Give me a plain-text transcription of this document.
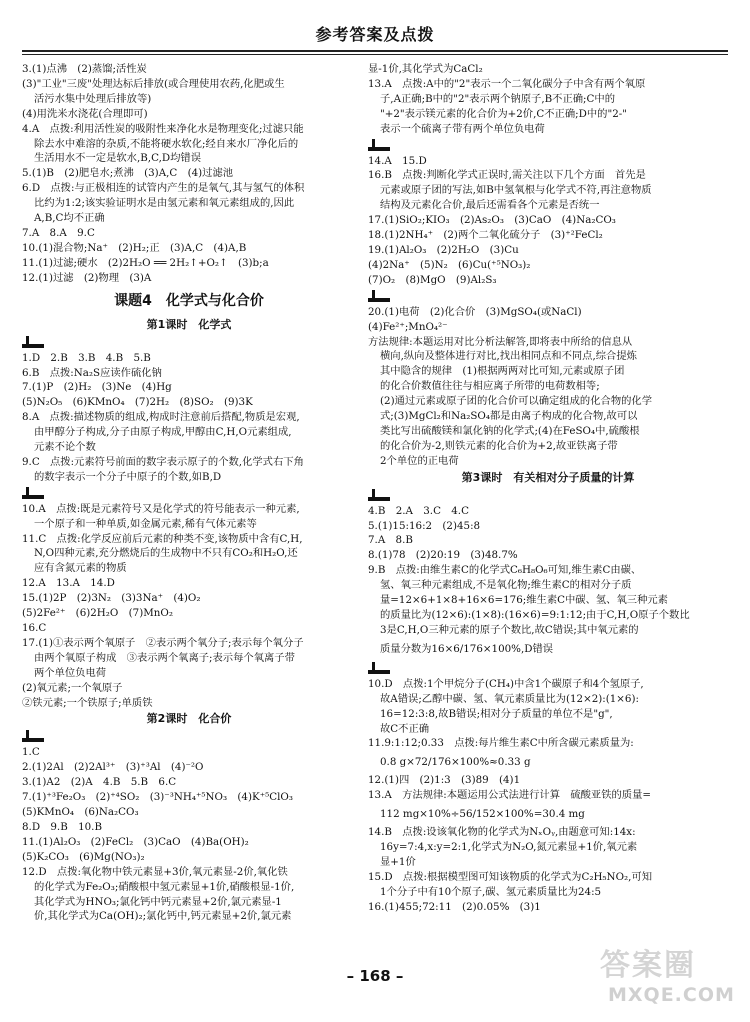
参考答案及点拨
3.(1)点沸　(2)蒸馏;活性炭
(3)"工业"三废"处理达标后排放(或合理使用农药,化肥或生
活污水集中处理后排放等)
(4)用洗米水浇花(合理即可)
4.A　点拨:利用活性炭的吸附性来净化水是物理变化;过滤只能
除去水中难溶的杂质,不能将硬水软化;经自来水厂净化后的
生活用水不一定是软水,B,C,D均错误
5.(1)B　(2)肥皂水;煮沸　(3)A,C　(4)过滤池
6.D　点拨:与正极相连的试管内产生的是氧气,其与氢气的体积
比约为1:2;该实验证明水是由氢元素和氧元素组成的,因此
A,B,C均不正确
7.A　8.A　9.C
10.(1)混合物;Na⁺　(2)H₂;正　(3)A,C　(4)A,B
11.(1)过滤;硬水　(2)2H₂O ══ 2H₂↑+O₂↑　(3)b;a
12.(1)过滤　(2)物理　(3)A
课题4　化学式与化合价
第1课时　化学式
1.D　2.B　3.B　4.B　5.B
6.B　点拨:Na₂S应读作硫化钠
7.(1)P　(2)H₂　(3)Ne　(4)Hg
(5)N₂O₅　(6)KMnO₄　(7)2H₂　(8)SO₂　(9)3K
8.A　点拨:描述物质的组成,构成时注意前后搭配,物质是宏观,
由甲醇分子构成,分子由原子构成,甲醇由C,H,O元素组成,
元素不论个数
9.C　点拨:元素符号前面的数字表示原子的个数,化学式右下角
的数字表示一个分子中原子的个数,如B,D
10.A　点拨:既是元素符号又是化学式的符号能表示一种元素,
一个原子和一种单质,如金属元素,稀有气体元素等
11.C　点拨:化学反应前后元素的种类不变,该物质中含有C,H,
N,O四种元素,充分燃烧后的生成物中不只有CO₂和H₂O,还
应有含氮元素的物质
12.A　13.A　14.D
15.(1)2P　(2)3N₂　(3)3Na⁺　(4)O₂
(5)2Fe²⁺　(6)2H₂O　(7)MnO₂
16.C
17.(1)①表示两个氧原子　②表示两个氧分子;表示每个氧分子
由两个氧原子构成　③表示两个氧离子;表示每个氧离子带
两个单位负电荷
(2)氧元素;一个氧原子
②铁元素;一个铁原子;单质铁
第2课时　化合价
1.C
2.(1)2Al　(2)2Al³⁺　(3)⁺³Al　(4)⁻²O
3.(1)A2　(2)A　4.B　5.B　6.C
7.(1)⁺³Fe₂O₃　(2)⁺⁴SO₂　(3)⁻³NH₄⁺⁵NO₃　(4)K⁺⁵ClO₃
(5)KMnO₄　(6)Na₂CO₃
8.D　9.B　10.B
11.(1)Al₂O₃　(2)FeCl₂　(3)CaO　(4)Ba(OH)₂
(5)K₂CO₃　(6)Mg(NO₃)₂
12.D　点拨:氧化物中铁元素显+3价,氧元素显-2价,氧化铁
的化学式为Fe₂O₃;硝酸根中氢元素显+1价,硝酸根显-1价,
其化学式为HNO₃;氯化钙中钙元素显+2价,氯元素显-1
价,其化学式为Ca(OH)₂;氯化钙中,钙元素显+2价,氯元素
显-1价,其化学式为CaCl₂
13.A　点拨:A中的"2"表示一个二氧化碳分子中含有两个氧原
子,A正确;B中的"2"表示两个钠原子,B不正确;C中的
"+2"表示镁元素的化合价为+2价,C不正确;D中的"2-"
表示一个硫离子带有两个单位负电荷
14.A　15.D
16.B　点拨:判断化学式正误时,需关注以下几个方面　首先是
元素或原子团的写法,如B中氢氧根与化学式不符,再注意物质
结构及元素化合价,最后还需看各个元素是否统一
17.(1)SiO₂;KIO₃　(2)As₂O₃　(3)CaO　(4)Na₂CO₃
18.(1)2NH₄⁺　(2)两个二氧化硫分子　(3)⁺²FeCl₂
19.(1)Al₂O₃　(2)2H₂O　(3)Cu
(4)2Na⁺　(5)N₂　(6)Cu(⁺⁵NO₃)₂
(7)O₂　(8)MgO　(9)Al₂S₃
20.(1)电荷　(2)化合价　(3)MgSO₄(或NaCl)
(4)Fe²⁺;MnO₄²⁻
方法规律:本题运用对比分析法解答,即将表中所给的信息从
横向,纵向及整体进行对比,找出相同点和不同点,综合提炼
其中隐含的规律　(1)根据两两对比可知,元素或原子团
的化合价数值往往与相应离子所带的电荷数相等;
(2)通过元素或原子团的化合价可以确定组成的化合物的化学
式;(3)MgCl₂和Na₂SO₄都是由离子构成的化合物,故可以
类比写出硫酸镁和氯化钠的化学式;(4)在FeSO₄中,硫酸根
的化合价为-2,则铁元素的化合价为+2,故亚铁离子带
2个单位的正电荷
第3课时　有关相对分子质量的计算
4.B　2.A　3.C　4.C
5.(1)15:16:2　(2)45:8
7.A　8.B
8.(1)78　(2)20:19　(3)48.7%
9.B　点拨:由维生素C的化学式C₆H₈O₆可知,维生素C由碳、
氢、氧三种元素组成,不是氧化物;维生素C的相对分子质
量=12×6+1×8+16×6=176;维生素C中碳、氢、氧三种元素
的质量比为(12×6):(1×8):(16×6)=9:1:12;由于C,H,O原子个数比
3是C,H,O三种元素的原子个数比,故C错误;其中氧元素的
质量分数为16×6/176×100%,D错误
10.D　点拨:1个甲烷分子(CH₄)中含1个碳原子和4个氢原子,
故A错误;乙醇中碳、氢、氧元素质量比为(12×2):(1×6):
16=12:3:8,故B错误;相对分子质量的单位不是"g",
故C不正确
11.9:1:12;0.33　点拨:每片维生素C中所含碳元素质量为:
0.8 g×72/176×100%≈0.33 g
12.(1)四　(2)1:3　(3)89　(4)1
13.A　方法规律:本题运用公式法进行计算　硫酸亚铁的质量=
112 mg×10%÷56/152×100%=30.4 mg
14.B　点拨:设该氧化物的化学式为NₓOᵧ,由题意可知:14x:
16y=7:4,x:y=2:1,化学式为N₂O,氮元素显+1价,氧元素
显+1价
15.D　点拨:根据模型图可知该物质的化学式为C₂H₅NO₂,可知
1个分子中有10个原子,碳、氢元素质量比为24:5
16.(1)455;72:11　(2)0.05%　(3)1
– 168 –	答案圈
MXQE.COM
